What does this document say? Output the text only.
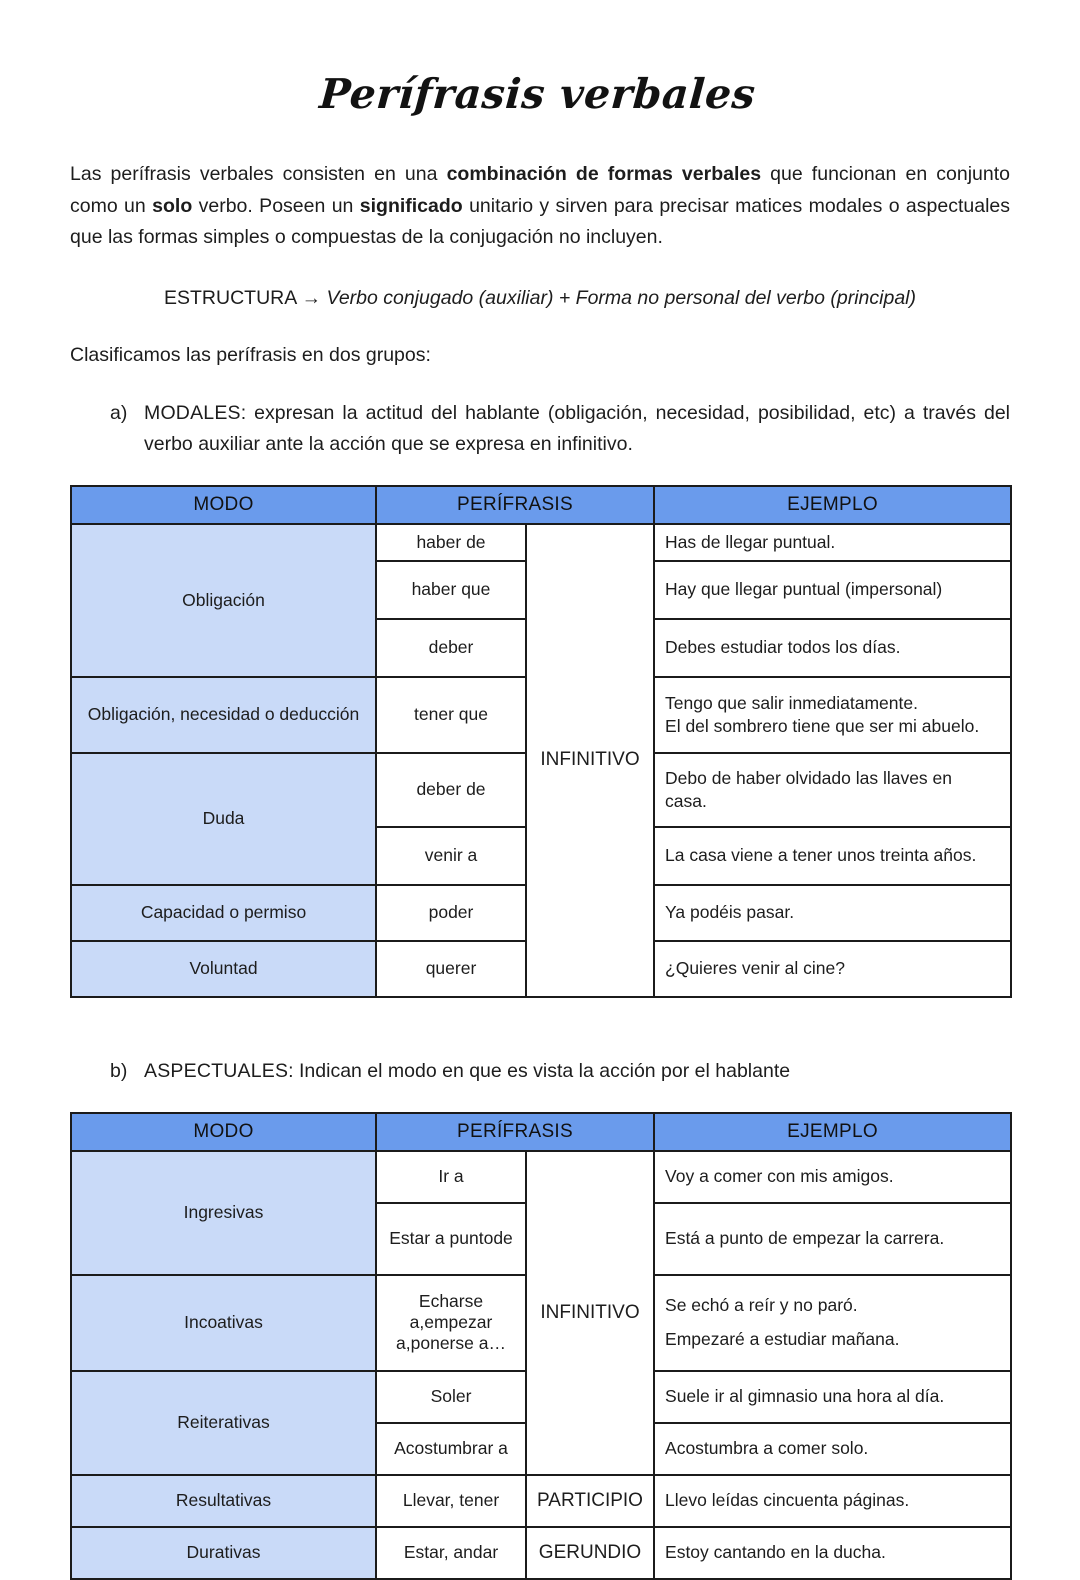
Perífrasis verbales

Las perífrasis verbales consisten en una combinación de formas verbales que funcionan en conjunto como un solo verbo. Poseen un significado unitario y sirven para precisar matices modales o aspectuales que las formas simples o compuestas de la conjugación no incluyen.

ESTRUCTURA → Verbo conjugado (auxiliar) + Forma no personal del verbo (principal)

Clasificamos las perífrasis en dos grupos:

a) MODALES: expresan la actitud del hablante (obligación, necesidad, posibilidad, etc) a través del verbo auxiliar ante la acción que se expresa en infinitivo.
MODO	PERÍFRASIS		EJEMPLO
Obligación	haber de	INFINITIVO	Has de llegar puntual.

	haber que		Hay que llegar puntual (impersonal)

	deber		Debes estudiar todos los días.

Obligación, necesidad o deducción	tener que		Tengo que salir inmediatamente.
El del sombrero tiene que ser mi abuelo.

Duda	deber de		Debo de haber olvidado las llaves en
casa.

	venir a		La casa viene a tener unos treinta años.

Capacidad o permiso	poder		Ya podéis pasar.

Voluntad	querer		¿Quieres venir al cine?
b) ASPECTUALES: Indican el modo en que es vista la acción por el hablante
MODO	PERÍFRASIS		EJEMPLO
Ingresivas	Ir a	INFINITIVO	Voy a comer con mis amigos.

	Estar a puntode		Está a punto de empezar la carrera.

Incoativas	Echarse a,empezar a,ponerse a…		Se echó a reír y no paró.
Empezaré a estudiar mañana.

Reiterativas	Soler		Suele ir al gimnasio una hora al día.

	Acostumbrar a		Acostumbra a comer solo.

Resultativas	Llevar, tener	PARTICIPIO	Llevo leídas cincuenta páginas.

Durativas	Estar, andar	GERUNDIO	Estoy cantando en la ducha.
